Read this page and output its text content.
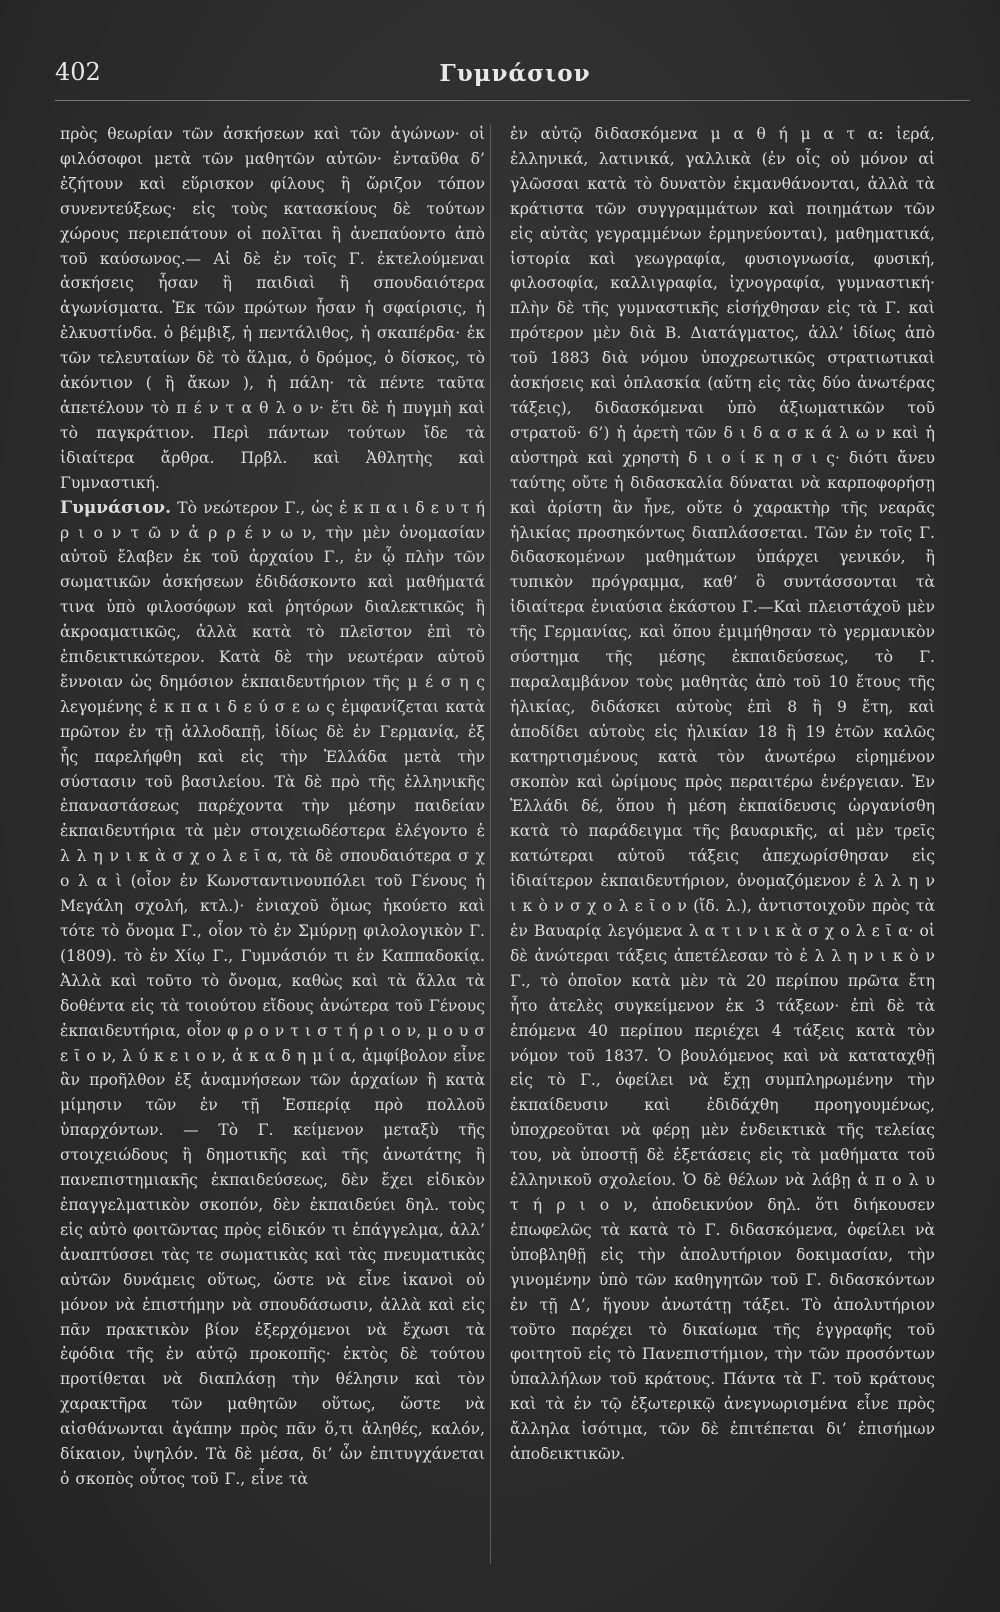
402	Γυμνάσιον

πρὸς θεωρίαν τῶν ἀσκήσεων καὶ τῶν ἀγώνων· οἱ φιλόσοφοι μετὰ τῶν μαθητῶν αὐτῶν· ἐνταῦθα δ’ ἐζήτουν καὶ εὕρισκον φίλους ἢ ὥριζον τόπον συνεντεύξεως· εἰς τοὺς κατασκίους δὲ τούτων χώρους περιεπάτουν οἱ πολῖται ἢ ἀνεπαύοντο ἀπὸ τοῦ καύσωνος.— Αἱ δὲ ἐν τοῖς Γ. ἐκτελούμεναι ἀσκήσεις ἦσαν ἢ παιδιαὶ ἢ σπουδαιότερα ἀγωνίσματα. Ἐκ τῶν πρώτων ἦσαν ἡ σφαίρισις, ἡ ἑλκυστίνδα. ὁ βέμβιξ, ἡ πεντάλιθος, ἡ σκαπέρδα· ἐκ τῶν τελευταίων δὲ τὸ ἅλμα, ὁ δρόμος, ὁ δίσκος, τὸ ἀκόντιον ( ἢ ἄκων ), ἡ πάλη· τὰ πέντε ταῦτα ἀπετέλουν τὸ π έ ν τ α θ λ ο ν· ἔτι δὲ ἡ πυγμὴ καὶ τὸ παγκράτιον. Περὶ πάντων τούτων ἴδε τὰ ἰδιαίτερα ἄρθρα. Πρβλ. καὶ Ἀθλητὴς καὶ Γυμναστική.

Γυμνάσιον. Τὸ νεώτερον Γ., ὡς ἐ κ π α ι δ ε υ τ ή ρ ι ο ν τ ῶ ν ἀ ρ ρ έ ν ω ν, τὴν μὲν ὀνομασίαν αὐτοῦ ἔλαβεν ἐκ τοῦ ἀρχαίου Γ., ἐν ᾧ πλὴν τῶν σωματικῶν ἀσκήσεων ἐδιδάσκοντο καὶ μαθήματά τινα ὑπὸ φιλοσόφων καὶ ῥητόρων διαλεκτικῶς ἢ ἀκροαματικῶς, ἀλλὰ κατὰ τὸ πλεῖστον ἐπὶ τὸ ἐπιδεικτικώτερον. Κατὰ δὲ τὴν νεωτέραν αὐτοῦ ἔννοιαν ὡς δημόσιον ἐκπαιδευτήριον τῆς μ έ σ η ς λεγομένης ἐ κ π α ι δ ε ύ σ ε ω ς ἐμφανίζεται κατὰ πρῶτον ἐν τῇ ἀλλοδαπῇ, ἰδίως δὲ ἐν Γερμανίᾳ, ἐξ ἧς παρελήφθη καὶ εἰς τὴν Ἑλλάδα μετὰ τὴν σύστασιν τοῦ βασιλείου. Τὰ δὲ πρὸ τῆς ἑλληνικῆς ἐπαναστάσεως παρέχοντα τὴν μέσην παιδείαν ἐκπαιδευτήρια τὰ μὲν στοιχειωδέστερα ἐλέγοντο ἑ λ λ η ν ι κ ὰ σ χ ο λ ε ῖ α, τὰ δὲ σπουδαιότερα σ χ ο λ α ὶ (οἷον ἐν Κωνσταντινουπόλει τοῦ Γένους ἡ Μεγάλη σχολή, κτλ.)· ἐνιαχοῦ ὅμως ἠκούετο καὶ τότε τὸ ὄνομα Γ., οἷον τὸ ἐν Σμύρνῃ φιλολογικὸν Γ. (1809). τὸ ἐν Χίῳ Γ., Γυμνάσιόν τι ἐν Καππαδοκίᾳ. Ἀλλὰ καὶ τοῦτο τὸ ὄνομα, καθὼς καὶ τὰ ἄλλα τὰ δοθέντα εἰς τὰ τοιούτου εἴδους ἀνώτερα τοῦ Γένους ἐκπαιδευτήρια, οἷον φ ρ ο ν τ ι σ τ ή ρ ι ο ν, μ ο υ σ ε ῖ ο ν, λ ύ κ ε ι ο ν, ἀ κ α δ η μ ί α, ἀμφίβολον εἶνε ἂν προῆλθον ἐξ ἀναμνήσεων τῶν ἀρχαίων ἢ κατὰ μίμησιν τῶν ἐν τῇ Ἑσπερίᾳ πρὸ πολλοῦ ὑπαρχόντων. — Τὸ Γ. κείμενον μεταξὺ τῆς στοιχειώδους ἢ δημοτικῆς καὶ τῆς ἀνωτάτης ἢ πανεπιστημιακῆς ἐκπαιδεύσεως, δὲν ἔχει εἰδικὸν ἐπαγγελματικὸν σκοπόν, δὲν ἐκπαιδεύει δηλ. τοὺς εἰς αὐτὸ φοιτῶντας πρὸς εἰδικόν τι ἐπάγγελμα, ἀλλ’ ἀναπτύσσει τὰς τε σωματικὰς καὶ τὰς πνευματικὰς αὐτῶν δυνάμεις οὕτως, ὥστε νὰ εἶνε ἱκανοὶ οὐ μόνον νὰ ἐπιστήμην νὰ σπουδάσωσιν, ἀλλὰ καὶ εἰς πᾶν πρακτικὸν βίον ἐξερχόμενοι νὰ ἔχωσι τὰ ἐφόδια τῆς ἐν αὐτῷ προκοπῆς· ἐκτὸς δὲ τούτου προτίθεται νὰ διαπλάσῃ τὴν θέλησιν καὶ τὸν χαρακτῆρα τῶν μαθητῶν οὕτως, ὥστε νὰ αἰσθάνωνται ἀγάπην πρὸς πᾶν ὅ,τι ἀληθές, καλόν, δίκαιον, ὑψηλόν. Τὰ δὲ μέσα, δι’ ὧν ἐπιτυγχάνεται ὁ σκοπὸς οὗτος τοῦ Γ., εἶνε τὰ

ἐν αὐτῷ διδασκόμενα μ α θ ή μ α τ α: ἱερά, ἑλληνικά, λατινικά, γαλλικὰ (ἐν οἷς οὐ μόνον αἱ γλῶσσαι κατὰ τὸ δυνατὸν ἐκμανθάνονται, ἀλλὰ τὰ κράτιστα τῶν συγγραμμάτων καὶ ποιημάτων τῶν εἰς αὐτὰς γεγραμμένων ἑρμηνεύονται), μαθηματικά, ἱστορία καὶ γεωγραφία, φυσιογνωσία, φυσική, φιλοσοφία, καλλιγραφία, ἰχνογραφία, γυμναστική· πλὴν δὲ τῆς γυμναστικῆς εἰσήχθησαν εἰς τὰ Γ. καὶ πρότερον μὲν διὰ Β. Διατάγματος, ἀλλ’ ἰδίως ἀπὸ τοῦ 1883 διὰ νόμου ὑποχρεωτικῶς στρατιωτικαὶ ἀσκήσεις καὶ ὁπλασκία (αὕτη εἰς τὰς δύο ἀνωτέρας τάξεις), διδασκόμεναι ὑπὸ ἀξιωματικῶν τοῦ στρατοῦ· 6’) ἡ ἀρετὴ τῶν δ ι δ α σ κ ά λ ω ν καὶ ἡ αὐστηρὰ καὶ χρηστὴ δ ι ο ί κ η σ ι ς· διότι ἄνευ ταύτης οὔτε ἡ διδασκαλία δύναται νὰ καρποφορήσῃ καὶ ἀρίστη ἂν ἦνε, οὔτε ὁ χαρακτὴρ τῆς νεαρᾶς ἡλικίας προσηκόντως διαπλάσσεται. Τῶν ἐν τοῖς Γ. διδασκομένων μαθημάτων ὑπάρχει γενικόν, ἢ τυπικὸν πρόγραμμα, καθ’ ὃ συντάσσονται τὰ ἰδιαίτερα ἐνιαύσια ἑκάστου Γ.—Καὶ πλειστάχοῦ μὲν τῆς Γερμανίας, καὶ ὅπου ἐμιμήθησαν τὸ γερμανικὸν σύστημα τῆς μέσης ἐκπαιδεύσεως, τὸ Γ. παραλαμβάνον τοὺς μαθητὰς ἀπὸ τοῦ 10 ἔτους τῆς ἡλικίας, διδάσκει αὐτοὺς ἐπὶ 8 ἢ 9 ἔτη, καὶ ἀποδίδει αὐτοὺς εἰς ἡλικίαν 18 ἢ 19 ἐτῶν καλῶς κατηρτισμένους κατὰ τὸν ἀνωτέρω εἰρημένον σκοπὸν καὶ ὡρίμους πρὸς περαιτέρω ἐνέργειαν. Ἐν Ἑλλάδι δέ, ὅπου ἡ μέση ἐκπαίδευσις ὠργανίσθη κατὰ τὸ παράδειγμα τῆς βαυαρικῆς, αἱ μὲν τρεῖς κατώτεραι αὐτοῦ τάξεις ἀπεχωρίσθησαν εἰς ἰδιαίτερον ἐκπαιδευτήριον, ὀνομαζόμενον ἑ λ λ η ν ι κ ὸ ν σ χ ο λ ε ῖ ο ν (ἴδ. λ.), ἀντιστοιχοῦν πρὸς τὰ ἐν Βαυαρίᾳ λεγόμενα λ α τ ι ν ι κ ὰ σ χ ο λ ε ῖ α· οἱ δὲ ἀνώτεραι τάξεις ἀπετέλεσαν τὸ ἑ λ λ η ν ι κ ὸ ν Γ., τὸ ὁποῖον κατὰ μὲν τὰ 20 περίπου πρῶτα ἔτη ἦτο ἀτελὲς συγκείμενον ἐκ 3 τάξεων· ἐπὶ δὲ τὰ ἑπόμενα 40 περίπου περιέχει 4 τάξεις κατὰ τὸν νόμον τοῦ 1837. Ὁ βουλόμενος καὶ νὰ καταταχθῇ εἰς τὸ Γ., ὀφείλει νὰ ἔχῃ συμπληρωμένην τὴν ἐκπαίδευσιν καὶ ἐδιδάχθη προηγουμένως, ὑποχρεοῦται νὰ φέρῃ μὲν ἐνδεικτικὰ τῆς τελείας του, νὰ ὑποστῇ δὲ ἐξετάσεις εἰς τὰ μαθήματα τοῦ ἑλληνικοῦ σχολείου. Ὁ δὲ θέλων νὰ λάβῃ ἀ π ο λ υ τ ή ρ ι ο ν, ἀποδεικνύον δηλ. ὅτι διήκουσεν ἐπωφελῶς τὰ κατὰ τὸ Γ. διδασκόμενα, ὀφείλει νὰ ὑποβληθῇ εἰς τὴν ἀπολυτήριον δοκιμασίαν, τὴν γινομένην ὑπὸ τῶν καθηγητῶν τοῦ Γ. διδασκόντων ἐν τῇ Δ’, ἥγουν ἀνωτάτῃ τάξει. Τὸ ἀπολυτήριον τοῦτο παρέχει τὸ δικαίωμα τῆς ἐγγραφῆς τοῦ φοιτητοῦ εἰς τὸ Πανεπιστήμιον, τὴν τῶν προσόντων ὑπαλλήλων τοῦ κράτους. Πάντα τὰ Γ. τοῦ κράτους καὶ τὰ ἐν τῷ ἐξωτερικῷ ἀνεγνωρισμένα εἶνε πρὸς ἄλληλα ἰσότιμα, τῶν δὲ ἐπιτέπεται δι’ ἐπισήμων ἀποδεικτικῶν.
